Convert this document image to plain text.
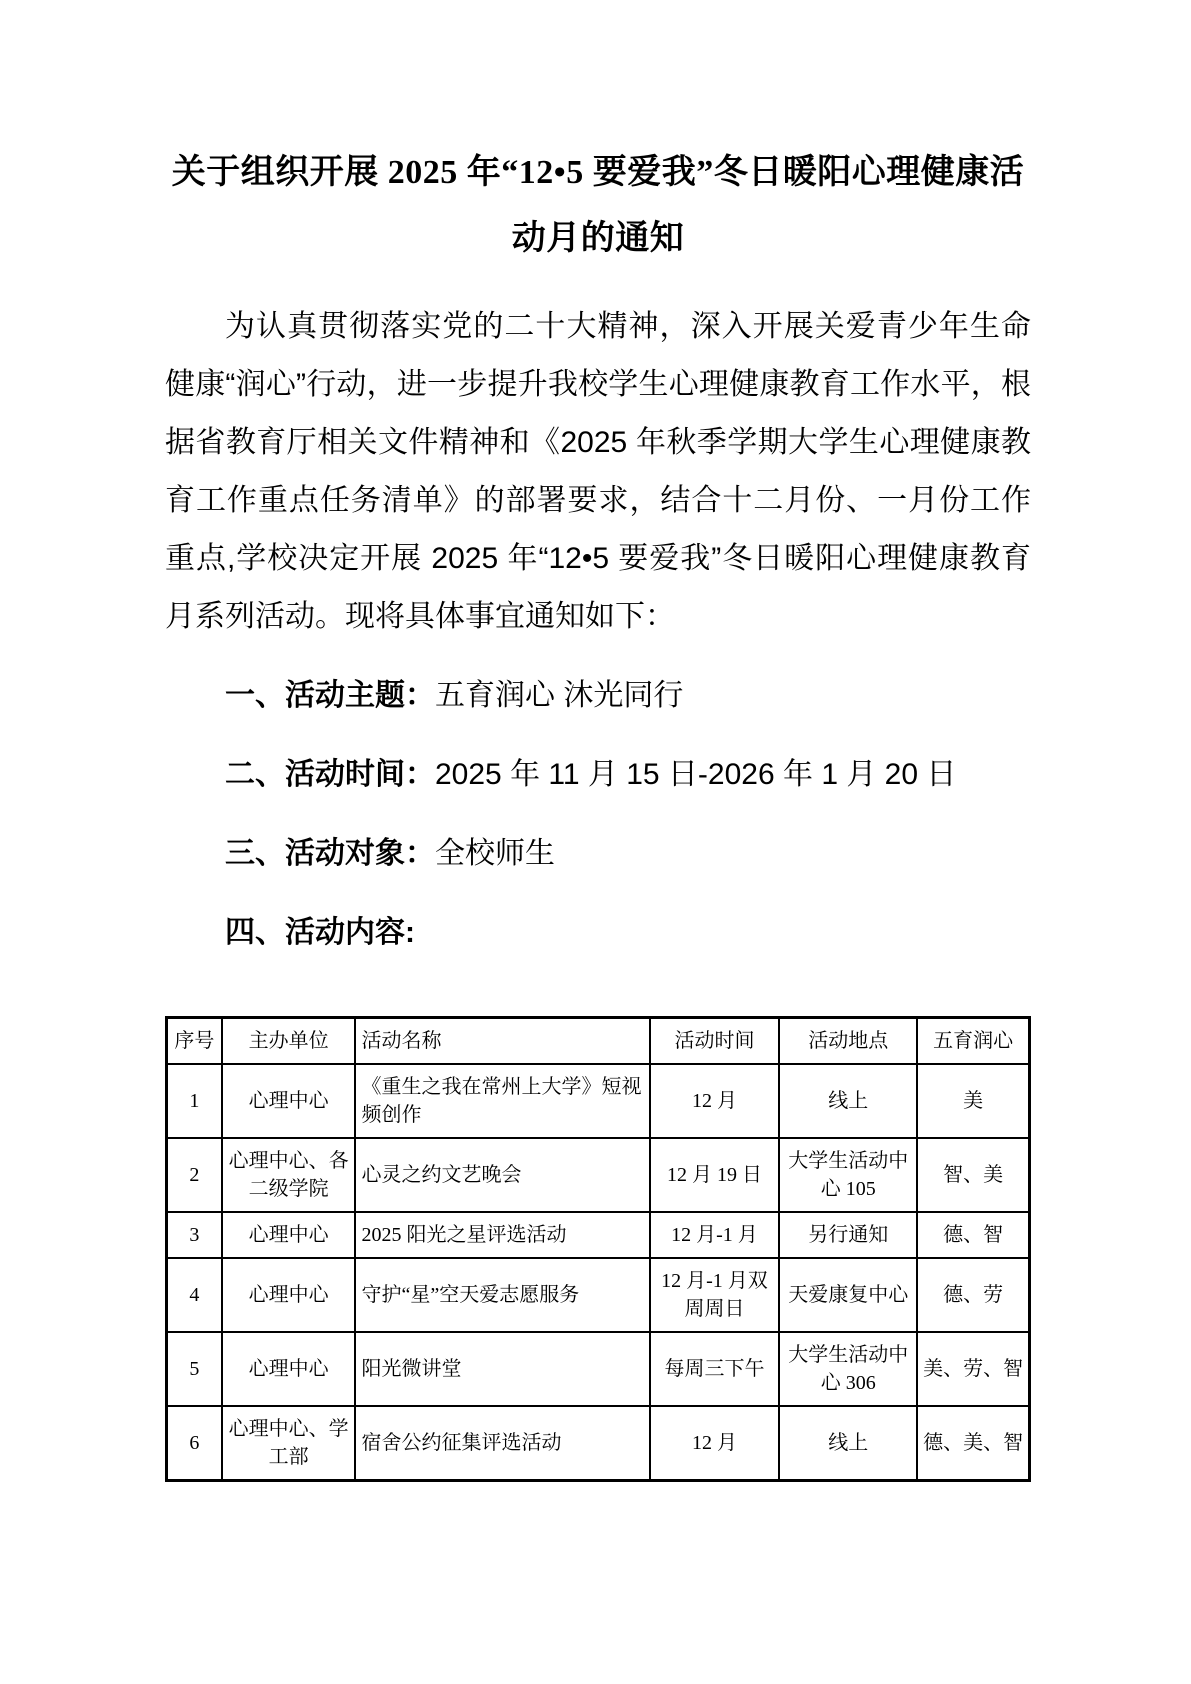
关于组织开展 2025 年“12•5 要爱我”冬日暖阳心理健康活动月的通知

为认真贯彻落实党的二十大精神，深入开展关爱青少年生命健康“润心”行动，进一步提升我校学生心理健康教育工作水平，根据省教育厅相关文件精神和《2025 年秋季学期大学生心理健康教育工作重点任务清单》的部署要求，结合十二月份、一月份工作重点,学校决定开展 2025 年“12•5 要爱我”冬日暖阳心理健康教育月系列活动。现将具体事宜通知如下：

一、活动主题：五育润心 沐光同行

二、活动时间：2025 年 11 月 15 日-2026 年 1 月 20 日

三、活动对象：全校师生

四、活动内容:

序号	主办单位	活动名称	活动时间	活动地点	五育润心
1	心理中心	《重生之我在常州上大学》短视频创作	12 月	线上	美
2	心理中心、各二级学院	心灵之约文艺晚会	12 月 19 日	大学生活动中心 105	智、美
3	心理中心	2025 阳光之星评选活动	12 月-1 月	另行通知	德、智
4	心理中心	守护“星”空天爱志愿服务	12 月-1 月双周周日	天爱康复中心	德、劳
5	心理中心	阳光微讲堂	每周三下午	大学生活动中心 306	美、劳、智
6	心理中心、学工部	宿舍公约征集评选活动	12 月	线上	德、美、智
